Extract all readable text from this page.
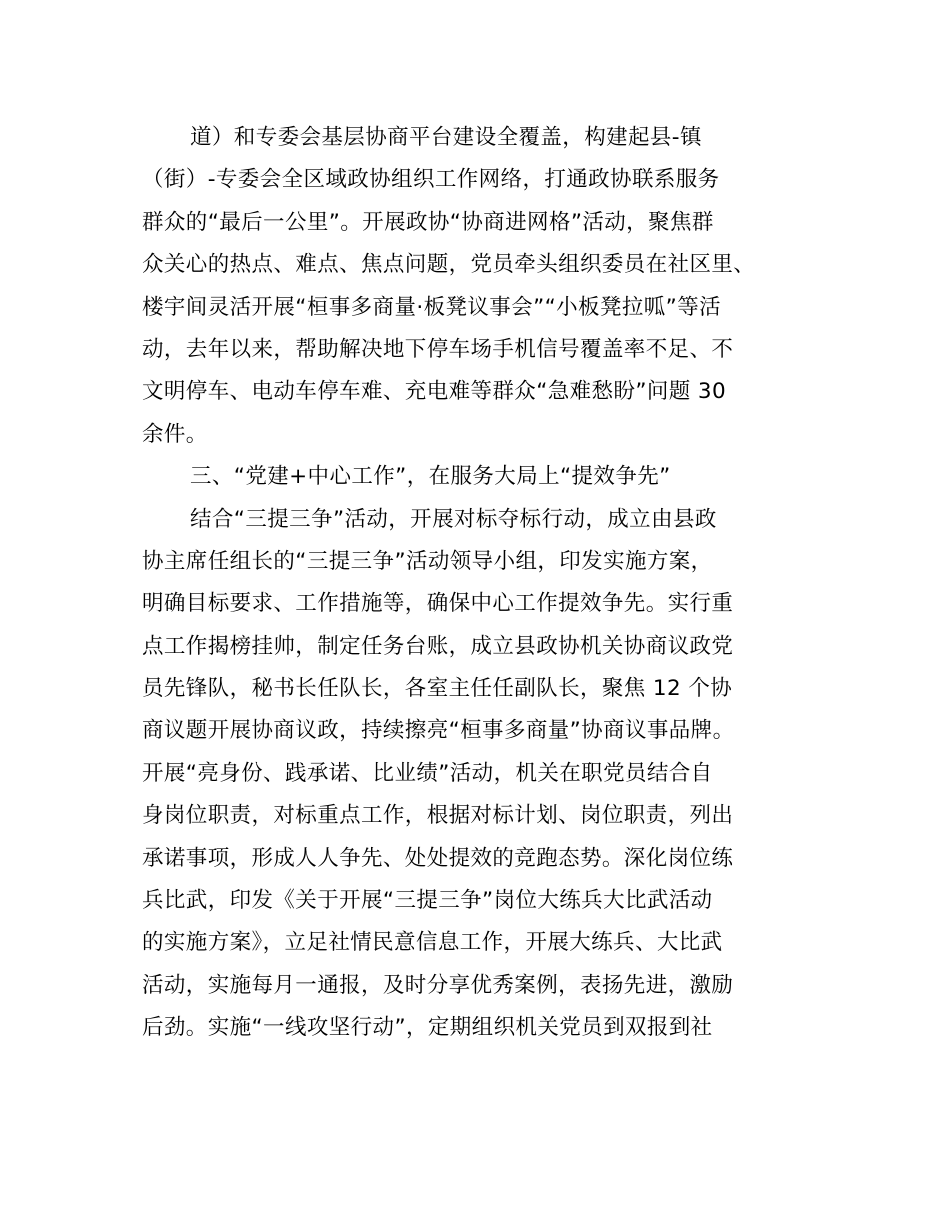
道）和专委会基层协商平台建设全覆盖，构建起县-镇
（街）-专委会全区域政协组织工作网络，打通政协联系服务
群众的“最后一公里”。开展政协“协商进网格”活动，聚焦群
众关心的热点、难点、焦点问题，党员牵头组织委员在社区里、
楼宇间灵活开展“桓事多商量·板凳议事会”“小板凳拉呱”等活
动，去年以来，帮助解决地下停车场手机信号覆盖率不足、不
文明停车、电动车停车难、充电难等群众“急难愁盼”问题 30
余件。
三、“党建+中心工作”，在服务大局上“提效争先”
结合“三提三争”活动，开展对标夺标行动，成立由县政
协主席任组长的“三提三争”活动领导小组，印发实施方案，
明确目标要求、工作措施等，确保中心工作提效争先。实行重
点工作揭榜挂帅，制定任务台账，成立县政协机关协商议政党
员先锋队，秘书长任队长，各室主任任副队长，聚焦 12 个协
商议题开展协商议政，持续擦亮“桓事多商量”协商议事品牌。
开展“亮身份、践承诺、比业绩”活动，机关在职党员结合自
身岗位职责，对标重点工作，根据对标计划、岗位职责，列出
承诺事项，形成人人争先、处处提效的竞跑态势。深化岗位练
兵比武，印发《关于开展“三提三争”岗位大练兵大比武活动
的实施方案》，立足社情民意信息工作，开展大练兵、大比武
活动，实施每月一通报，及时分享优秀案例，表扬先进，激励
后劲。实施“一线攻坚行动”，定期组织机关党员到双报到社
